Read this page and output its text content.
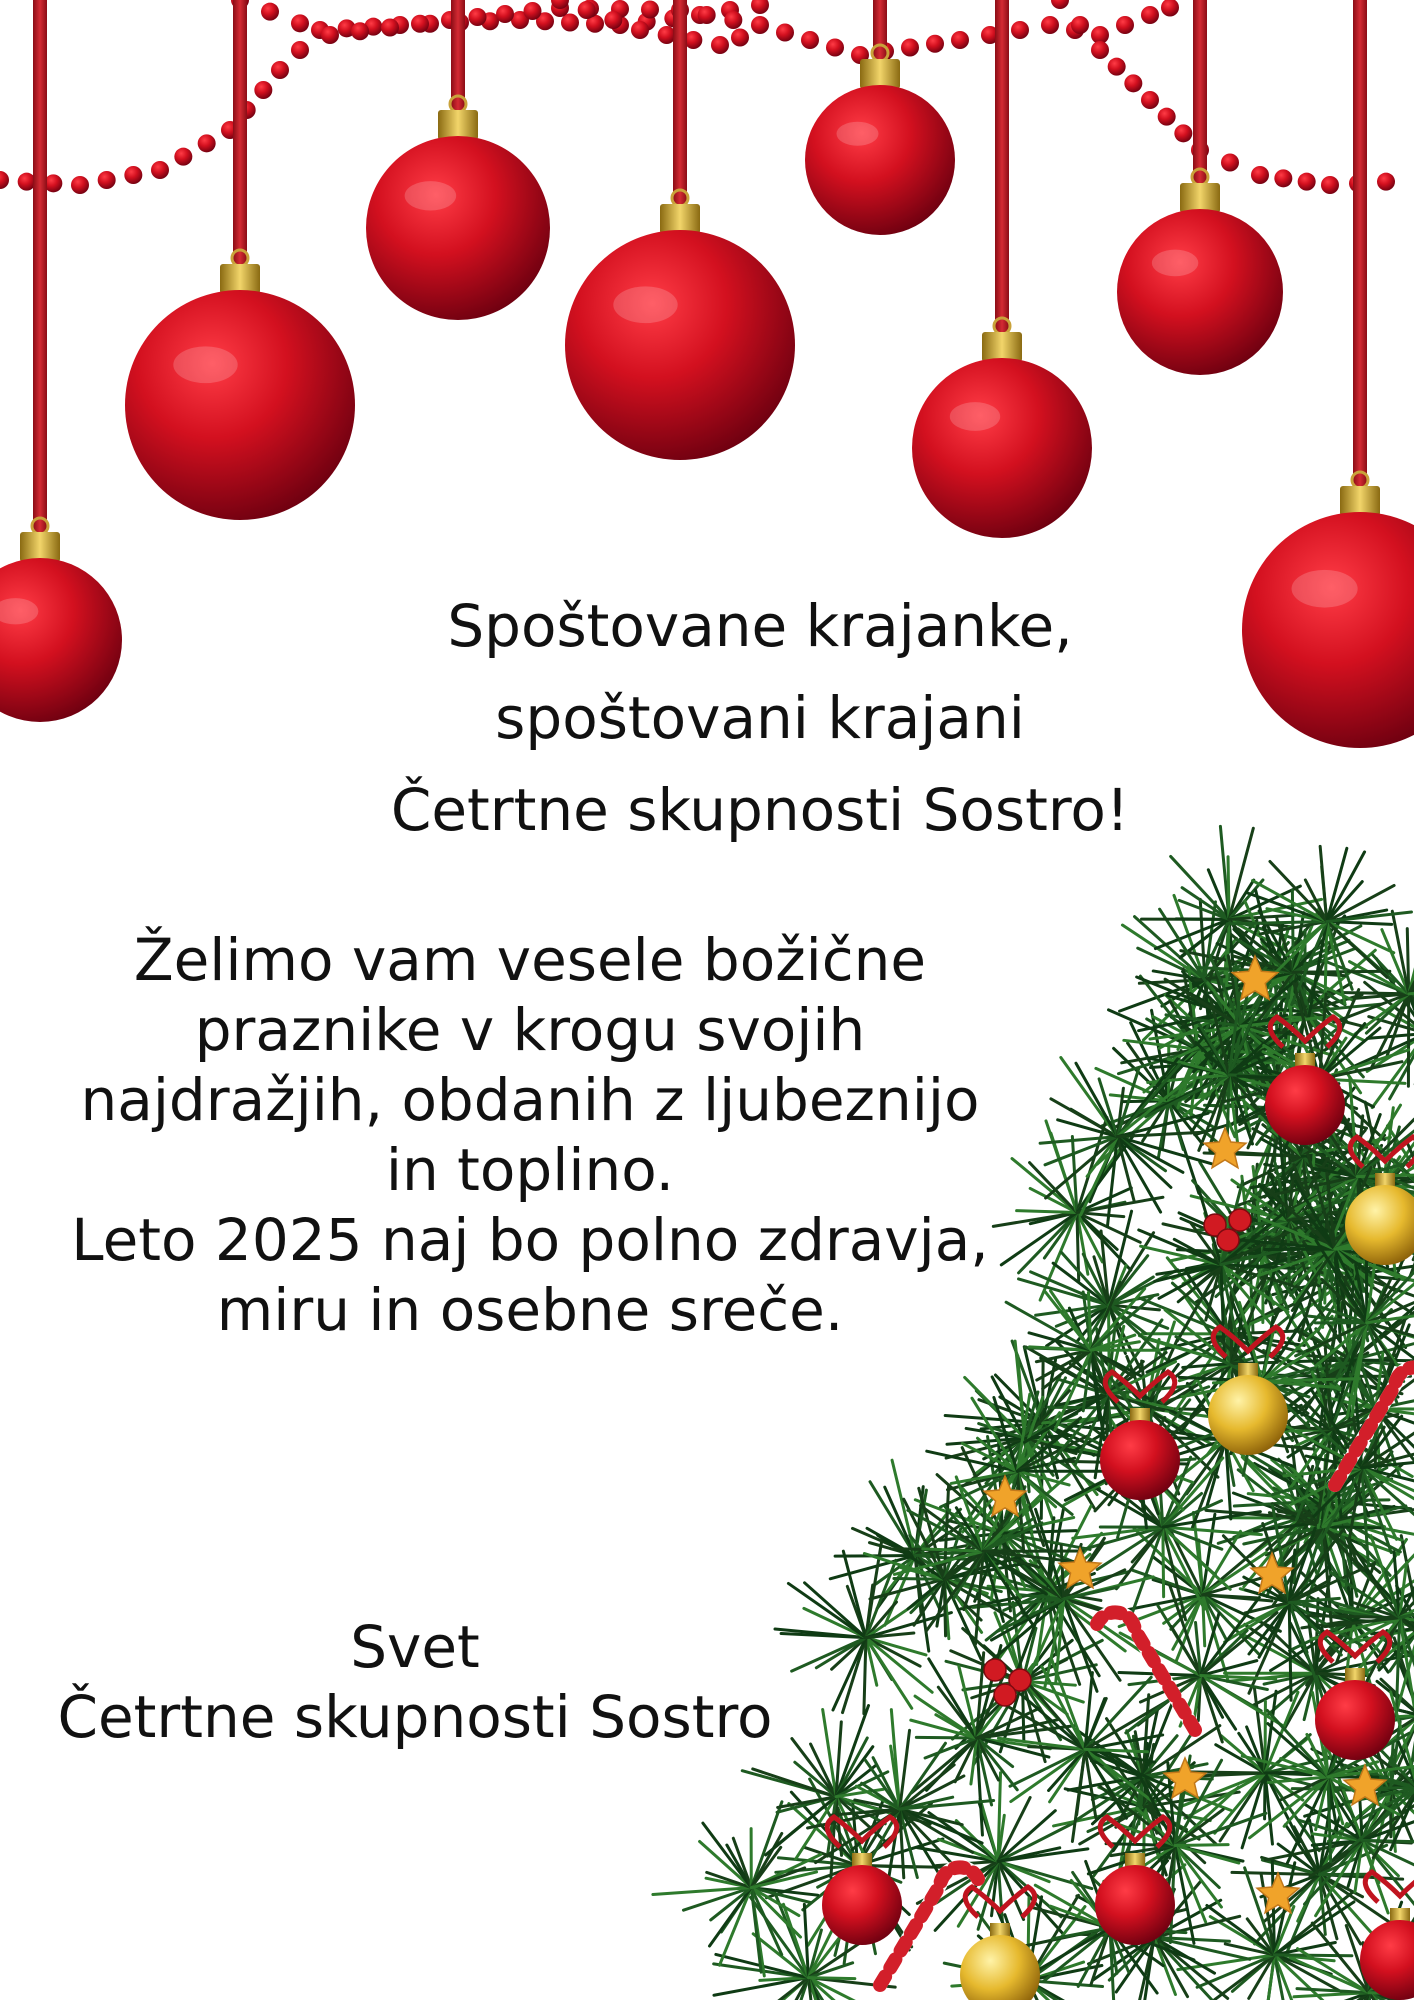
Spoštovane krajanke,
spoštovani krajani
Četrtne skupnosti Sostro!
Želimo vam vesele božične
praznike v krogu svojih
najdražjih, obdanih z ljubeznijo
in toplino.
Leto 2025 naj bo polno zdravja,
miru in osebne sreče.
Svet
Četrtne skupnosti Sostro
